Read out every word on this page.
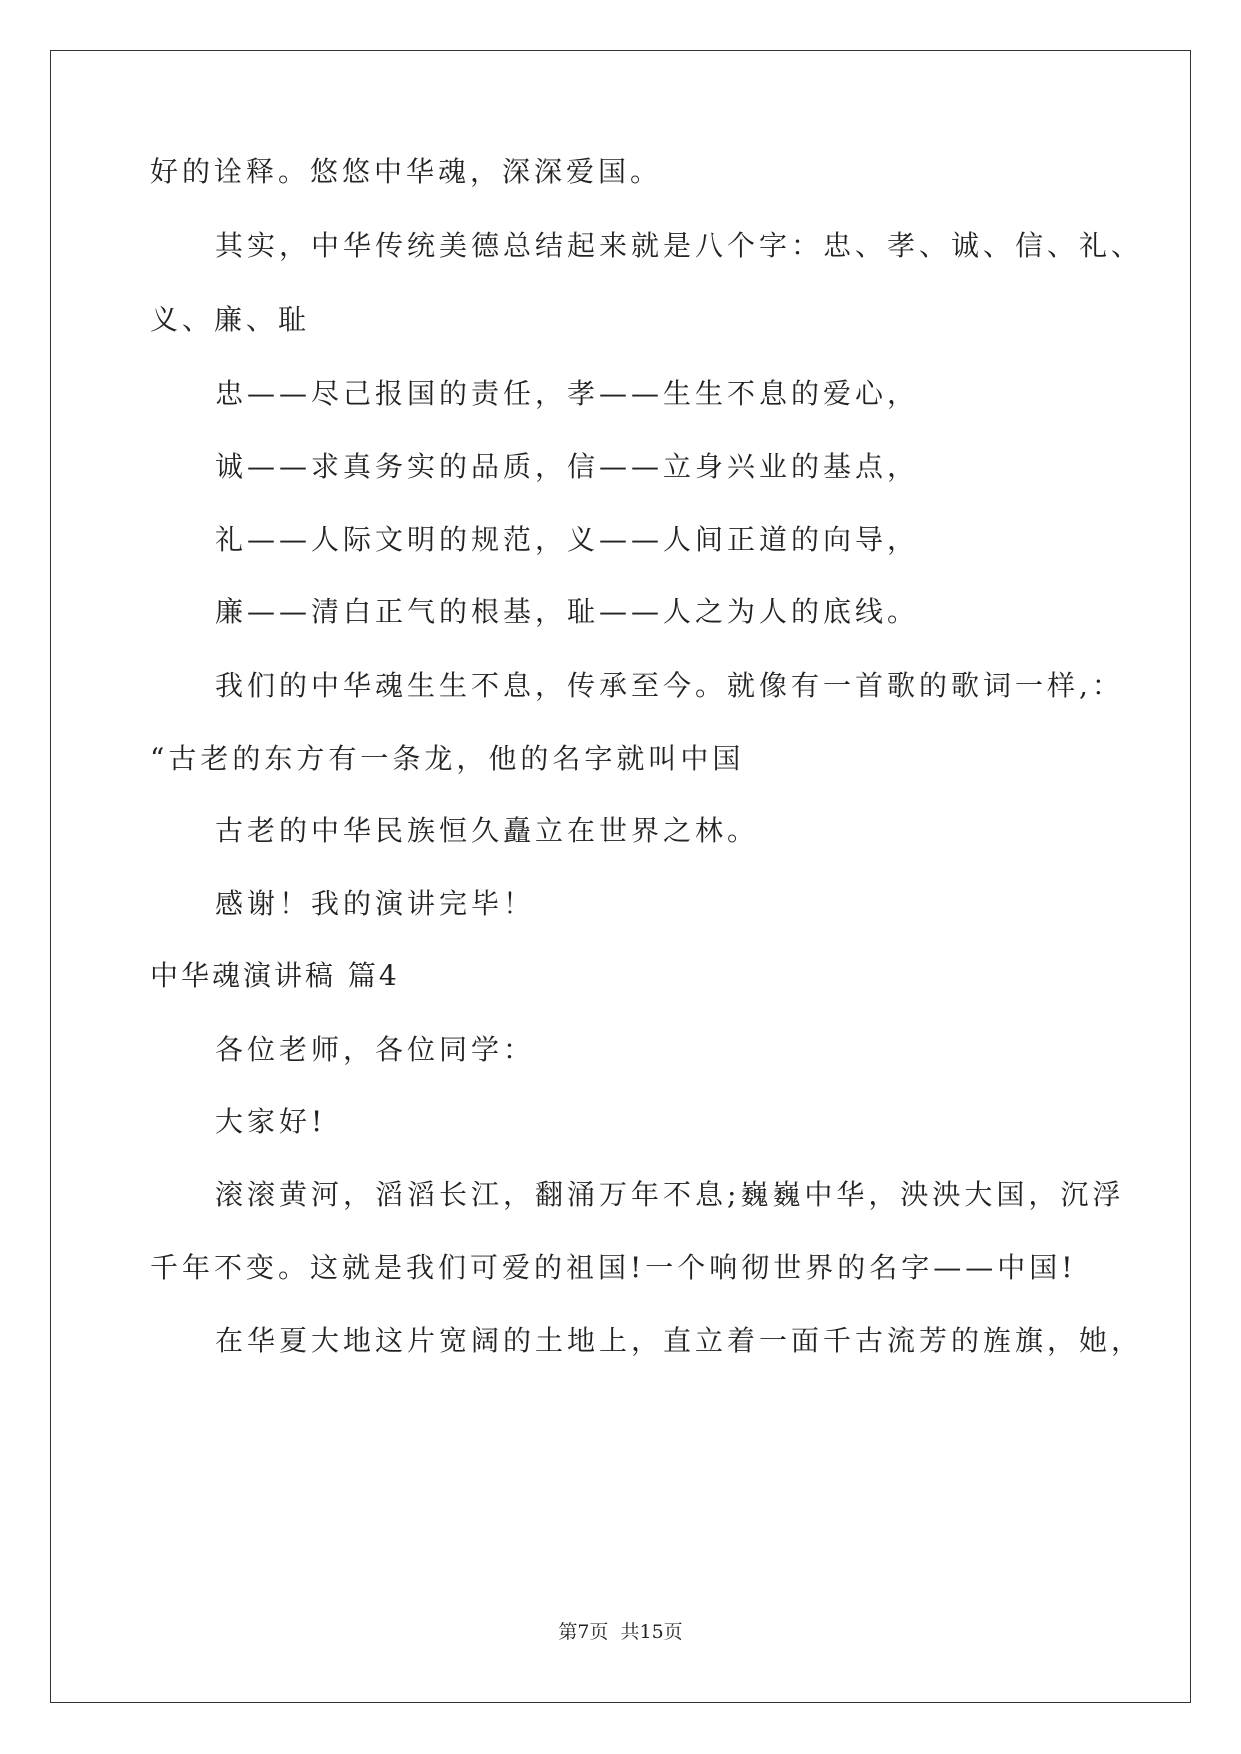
好的诠释。悠悠中华魂，深深爱国。
其实，中华传统美德总结起来就是八个字：忠、孝、诚、信、礼、
义、廉、耻
忠——尽己报国的责任，孝——生生不息的爱心，
诚——求真务实的品质，信——立身兴业的基点，
礼——人际文明的规范，义——人间正道的向导，
廉——清白正气的根基，耻——人之为人的底线。
我们的中华魂生生不息，传承至今。就像有一首歌的歌词一样,：
“古老的东方有一条龙，他的名字就叫中国
古老的中华民族恒久矗立在世界之林。
感谢！我的演讲完毕！
中华魂演讲稿 篇4
各位老师，各位同学：
大家好!
滚滚黄河，滔滔长江，翻涌万年不息;巍巍中华，泱泱大国，沉浮
千年不变。这就是我们可爱的祖国!一个响彻世界的名字——中国!
在华夏大地这片宽阔的土地上，直立着一面千古流芳的旌旗，她，
第7页  共15页
